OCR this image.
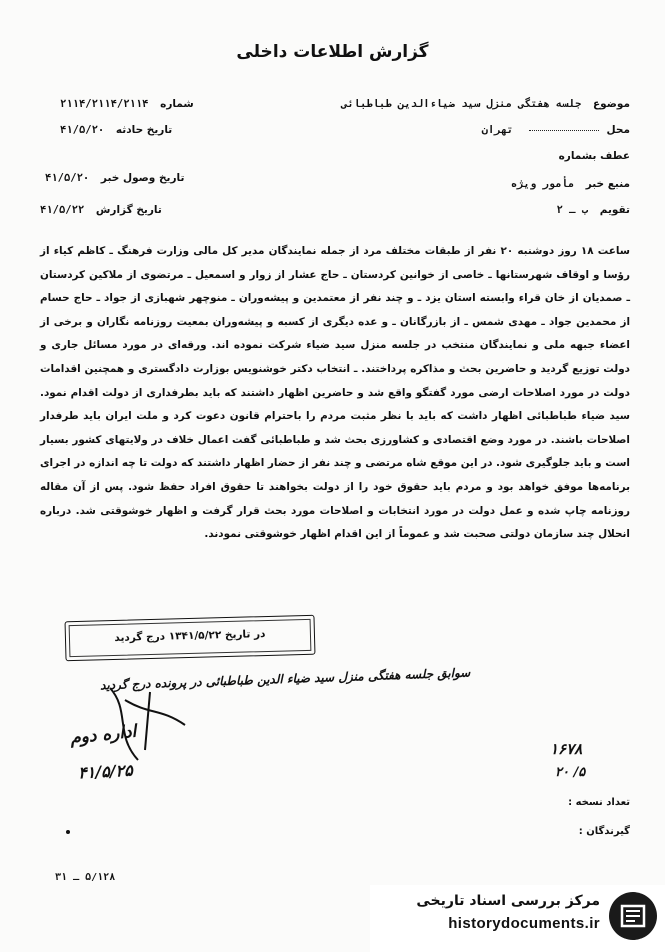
گزارش اطلاعات داخلی
موضوع جلسه هفتگی منزل سید ضیاءالدین طباطبائی
محل  تهران
عطف بشماره
منبع خبر مأمور ویژه
تقویم ب ـ ۲
شماره ۲۱۱۴/۲۱۱۴/۲۱۱۴
تاریخ حادثه ۴۱/۵/۲۰
تاریخ وصول خبر ۴۱/۵/۲۰
تاریخ گزارش ۴۱/۵/۲۲
ساعت ۱۸ روز دوشنبه ۲۰ نفر از طبقات مختلف مرد از جمله نمایندگان مدیر کل مالی وزارت فرهنگ ـ کاظم کیاء از رؤسا و اوقاف شهرستانها ـ خاصی از خوانین کردستان ـ حاج عشار از زوار و اسمعیل ـ مرتضوی از ملاکین کردستان ـ صمدیان از خان قراء وابسته استان یزد ـ و چند نفر از معتمدین و پیشه‌وران ـ منوچهر شهبازی از جواد ـ حاج حسام از محمدین جواد ـ مهدی شمس ـ از بازرگانان ـ و عده دیگری از کسبه و پیشه‌وران بمعیت روزنامه نگاران و برخی از اعضاء جبهه ملی و نمایندگان منتخب در جلسه منزل سید ضیاء شرکت نموده اند. ورقه‌ای در مورد مسائل جاری و دولت توزیع گردید و حاضرین بحث و مذاکره پرداختند. ـ انتخاب دکتر خوشنویس بوزارت دادگستری و همچنین اقدامات دولت در مورد اصلاحات ارضی مورد گفتگو واقع شد و حاضرین اظهار داشتند که باید بطرفداری از دولت اقدام نمود. سید ضیاء طباطبائی اظهار داشت که باید با نظر مثبت مردم را باحترام قانون دعوت کرد و ملت ایران باید طرفدار اصلاحات باشند. در مورد وضع اقتصادی و کشاورزی بحث شد و طباطبائی گفت اعمال خلاف در ولایتهای کشور بسیار است و باید جلوگیری شود. در این موقع شاه مرتضی و چند نفر از حضار اظهار داشتند که دولت تا چه اندازه در اجرای برنامه‌ها موفق خواهد بود و مردم باید حقوق خود را از دولت بخواهند تا حقوق افراد حفظ شود. پس از آن مقاله روزنامه چاپ شده و عمل دولت در مورد انتخابات و اصلاحات مورد بحث قرار گرفت و اظهار خوشوقتی شد. درباره انحلال چند سازمان دولتی صحبت شد و عموماً از این اقدام اظهار خوشوقتی نمودند.
در تاریخ ۱۳۴۱/۵/۲۲ درج گردید
سوابق جلسه هفتگی منزل سید ضیاء الدین طباطبائی در پرونده درج گردید
اداره دوم
۴۱/۵/۲۵
۱۶۷۸
۵/ ۲۰
تعداد نسخه :
گیرندگان :
۵/۱۲۸ ـ ۳۱
مرکز بررسی اسناد تاریخی
historydocuments.ir
